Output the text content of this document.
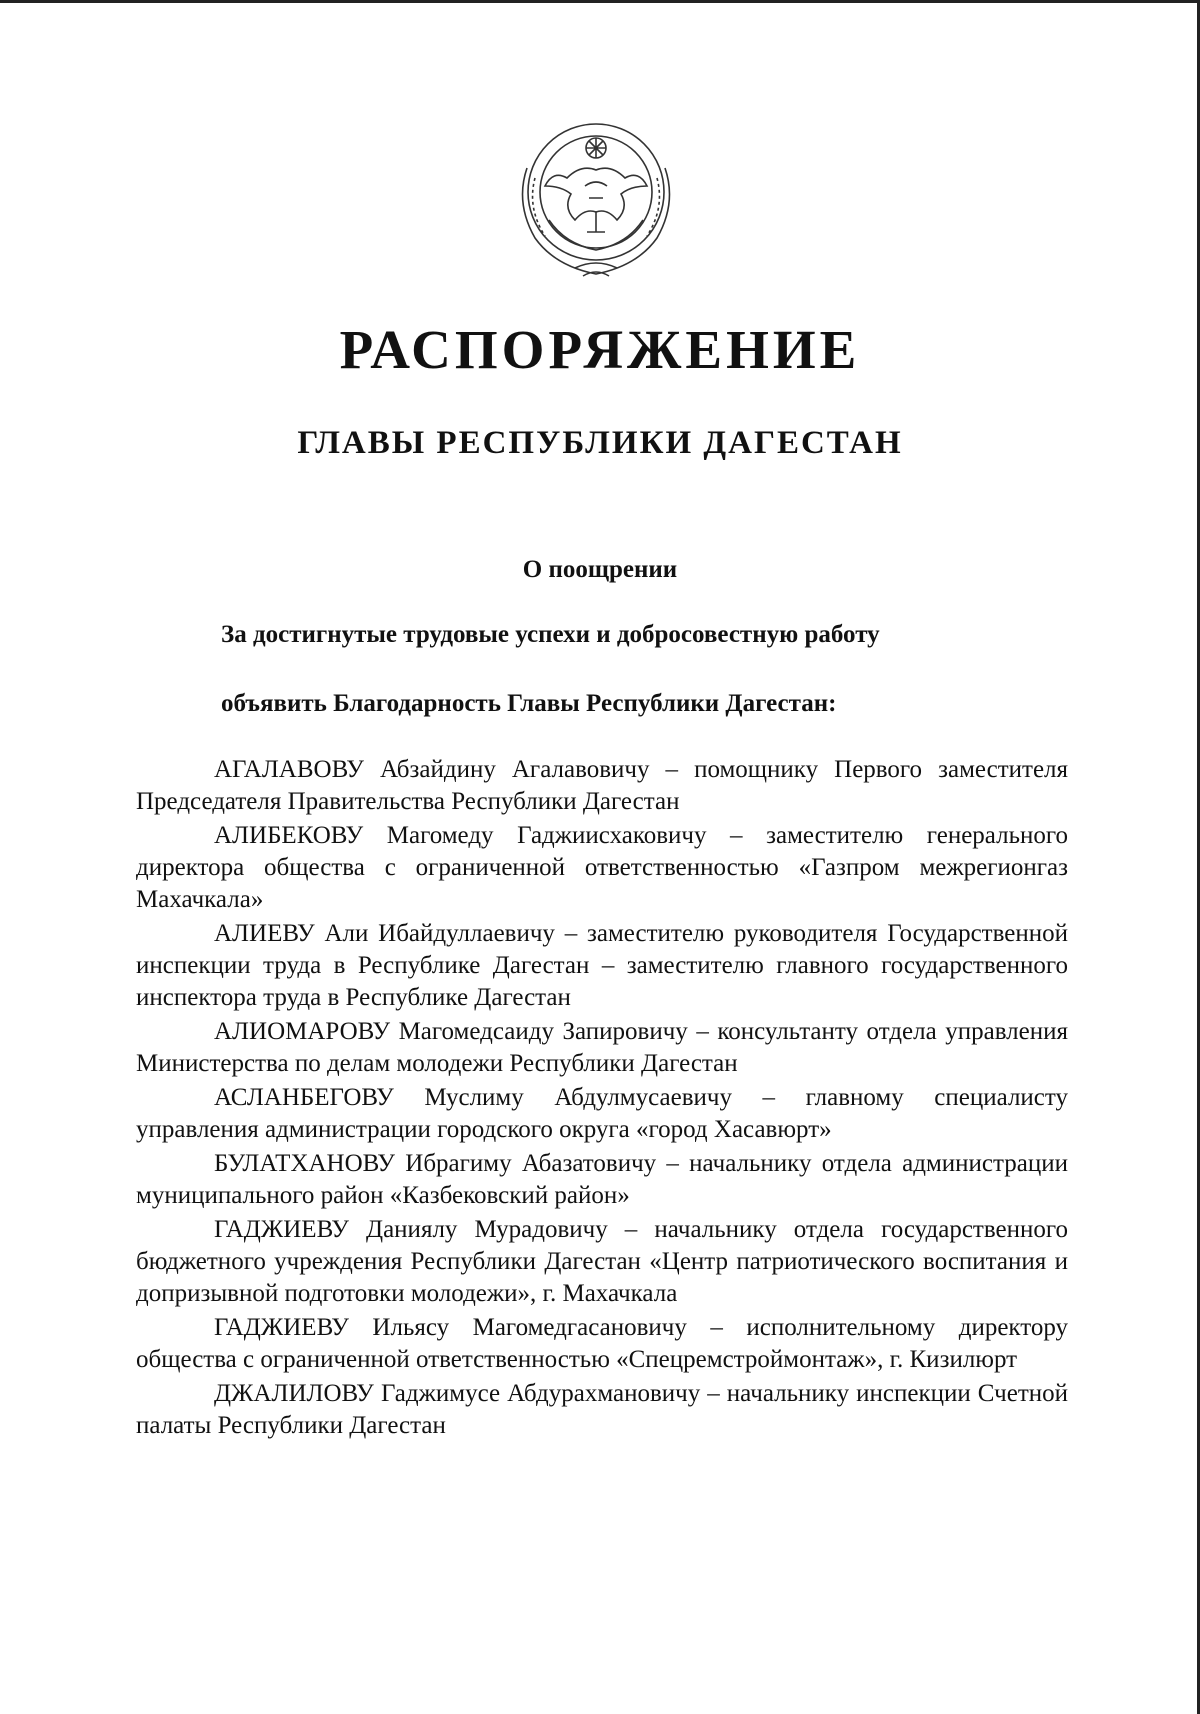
РАСПОРЯЖЕНИЕ
ГЛАВЫ РЕСПУБЛИКИ ДАГЕСТАН
О поощрении
За достигнутые трудовые успехи и добросовестную работу
объявить Благодарность Главы Республики Дагестан:

АГАЛАВОВУ Абзайдину Агалавовичу – помощнику Первого заместителя Председателя Правительства Республики Дагестан

АЛИБЕКОВУ Магомеду Гаджиисхаковичу – заместителю генерального директора общества с ограниченной ответственностью «Газпром межрегионгаз Махачкала»

АЛИЕВУ Али Ибайдуллаевичу – заместителю руководителя Государственной инспекции труда в Республике Дагестан – заместителю главного государственного инспектора труда в Республике Дагестан

АЛИОМАРОВУ Магомедсаиду Запировичу – консультанту отдела управления Министерства по делам молодежи Республики Дагестан

АСЛАНБЕГОВУ Муслиму Абдулмусаевичу – главному специалисту управления администрации городского округа «город Хасавюрт»

БУЛАТХАНОВУ Ибрагиму Абазатовичу – начальнику отдела администрации муниципального район «Казбековский район»

ГАДЖИЕВУ Даниялу Мурадовичу – начальнику отдела государственного бюджетного учреждения Республики Дагестан «Центр патриотического воспитания и допризывной подготовки молодежи», г. Махачкала

ГАДЖИЕВУ Ильясу Магомедгасановичу – исполнительному директору общества с ограниченной ответственностью «Спецремстроймонтаж», г. Кизилюрт

ДЖАЛИЛОВУ Гаджимусе Абдурахмановичу – начальнику инспекции Счетной палаты Республики Дагестан
